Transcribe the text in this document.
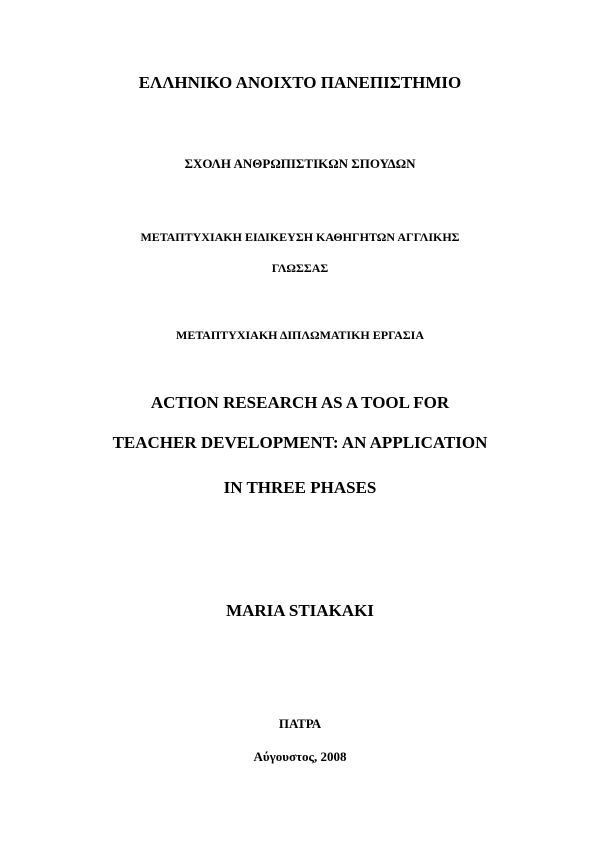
ΕΛΛΗΝΙΚΟ ΑΝΟΙΧΤΟ ΠΑΝΕΠΙΣΤΗΜΙΟ
ΣΧΟΛΗ ΑΝΘΡΩΠΙΣΤΙΚΩΝ ΣΠΟΥΔΩΝ
ΜΕΤΑΠΤΥΧΙΑΚΗ ΕΙΔΙΚΕΥΣΗ ΚΑΘΗΓΗΤΩΝ ΑΓΓΛΙΚΗΣ
ΓΛΩΣΣΑΣ
ΜΕΤΑΠΤΥΧΙΑΚΗ ΔΙΠΛΩΜΑΤΙΚΗ ΕΡΓΑΣΙΑ
ACTION RESEARCH AS A TOOL FOR
TEACHER DEVELOPMENT: AN APPLICATION
IN THREE PHASES
MARIA STIAKAKI
ΠΑΤΡΑ
Αύγουστος, 2008
